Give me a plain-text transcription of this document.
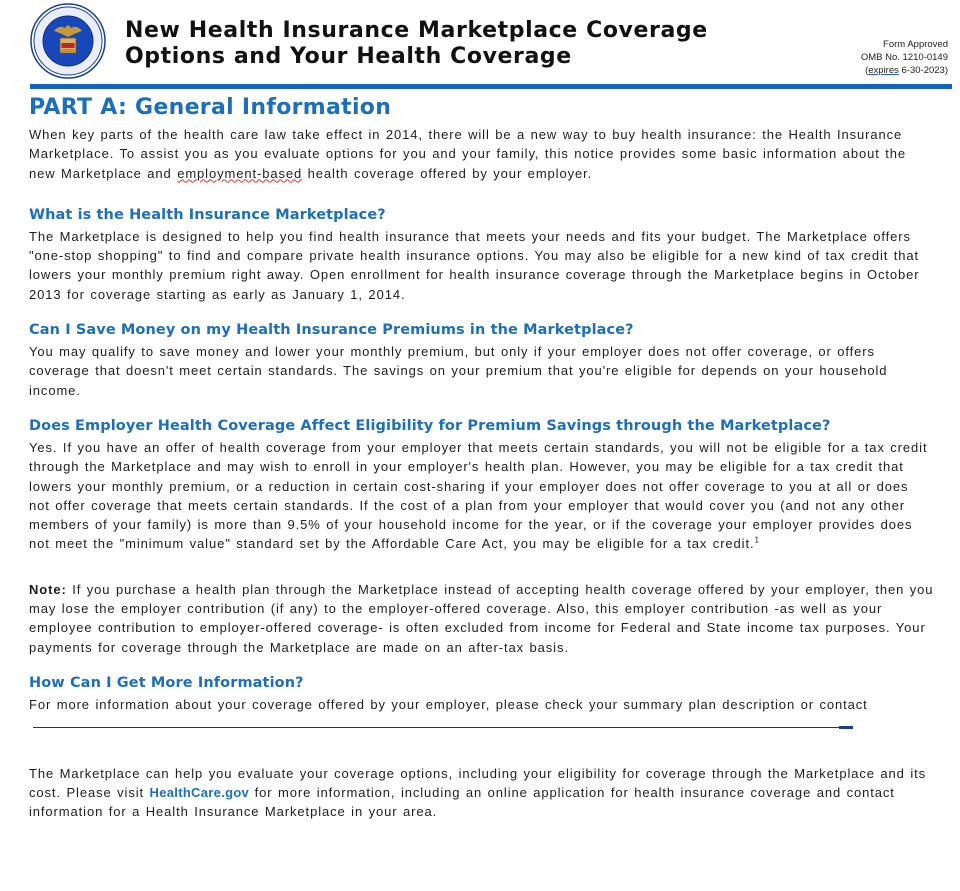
New Health Insurance Marketplace Coverage
Options and Your Health Coverage	Form Approved
OMB No. 1210-0149
(expires 6-30-2023)
PART A: General Information

When key parts of the health care law take effect in 2014, there will be a new way to buy health insurance: the Health Insurance Marketplace. To assist you as you evaluate options for you and your family, this notice provides some basic information about the new Marketplace and employment-based health coverage offered by your employer.

What is the Health Insurance Marketplace?

The Marketplace is designed to help you find health insurance that meets your needs and fits your budget. The Marketplace offers "one-stop shopping" to find and compare private health insurance options. You may also be eligible for a new kind of tax credit that lowers your monthly premium right away. Open enrollment for health insurance coverage through the Marketplace begins in October 2013 for coverage starting as early as January 1, 2014.

Can I Save Money on my Health Insurance Premiums in the Marketplace?

You may qualify to save money and lower your monthly premium, but only if your employer does not offer coverage, or offers coverage that doesn't meet certain standards. The savings on your premium that you're eligible for depends on your household income.

Does Employer Health Coverage Affect Eligibility for Premium Savings through the Marketplace?

Yes. If you have an offer of health coverage from your employer that meets certain standards, you will not be eligible for a tax credit through the Marketplace and may wish to enroll in your employer's health plan. However, you may be eligible for a tax credit that lowers your monthly premium, or a reduction in certain cost-sharing if your employer does not offer coverage to you at all or does not offer coverage that meets certain standards. If the cost of a plan from your employer that would cover you (and not any other members of your family) is more than 9.5% of your household income for the year, or if the coverage your employer provides does not meet the "minimum value" standard set by the Affordable Care Act, you may be eligible for a tax credit.$^1$

Note: If you purchase a health plan through the Marketplace instead of accepting health coverage offered by your employer, then you may lose the employer contribution (if any) to the employer-offered coverage. Also, this employer contribution -as well as your employee contribution to employer-offered coverage- is often excluded from income for Federal and State income tax purposes. Your payments for coverage through the Marketplace are made on an after-tax basis.

How Can I Get More Information?

For more information about your coverage offered by your employer, please check your summary plan description or contact

The Marketplace can help you evaluate your coverage options, including your eligibility for coverage through the Marketplace and its cost. Please visit HealthCare.gov for more information, including an online application for health insurance coverage and contact information for a Health Insurance Marketplace in your area.
